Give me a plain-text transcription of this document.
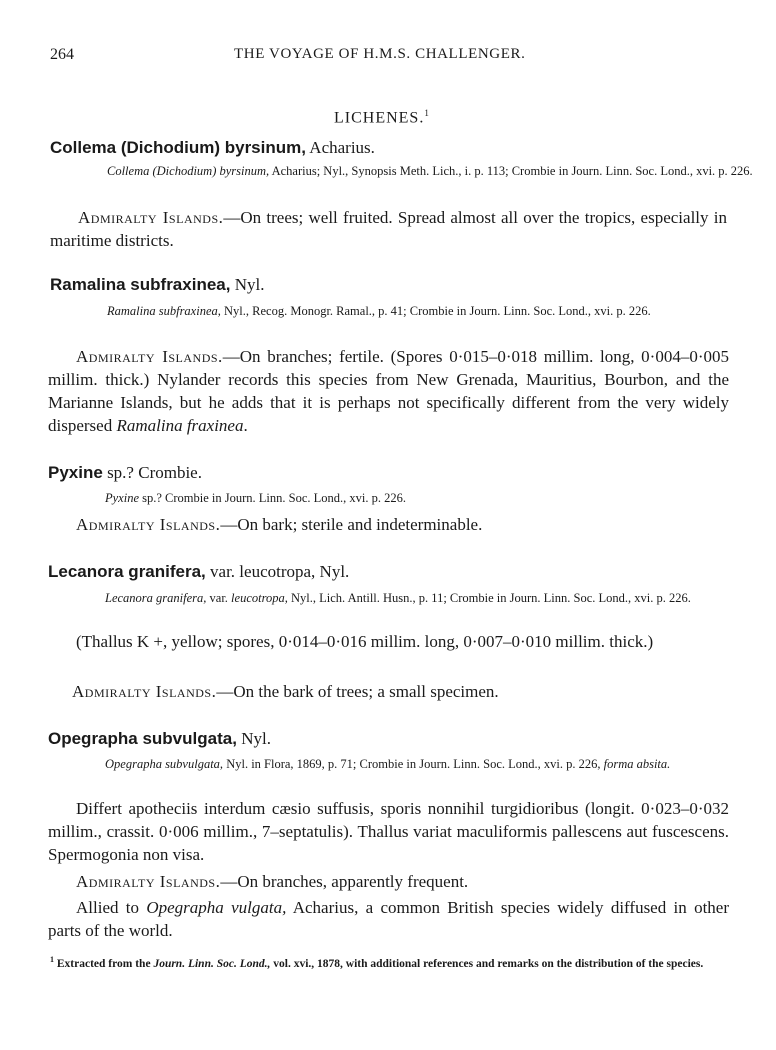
264	THE VOYAGE OF H.M.S. CHALLENGER.
LICHENES.$^1$
Collema (Dichodium) byrsinum, Acharius.
Collema (Dichodium) byrsinum, Acharius; Nyl., Synopsis Meth. Lich., i. p. 113; Crombie in Journ. Linn. Soc. Lond., xvi. p. 226.
Admiralty Islands.—On trees; well fruited. Spread almost all over the tropics, especially in maritime districts.
Ramalina subfraxinea, Nyl.
Ramalina subfraxinea, Nyl., Recog. Monogr. Ramal., p. 41; Crombie in Journ. Linn. Soc. Lond., xvi. p. 226.
Admiralty Islands.—On branches; fertile. (Spores 0·015–0·018 millim. long, 0·004–0·005 millim. thick.) Nylander records this species from New Grenada, Mauritius, Bourbon, and the Marianne Islands, but he adds that it is perhaps not specifically different from the very widely dispersed Ramalina fraxinea.
Pyxine sp.? Crombie.
Pyxine sp.? Crombie in Journ. Linn. Soc. Lond., xvi. p. 226.
Admiralty Islands.—On bark; sterile and indeterminable.
Lecanora granifera, var. leucotropa, Nyl.
Lecanora granifera, var. leucotropa, Nyl., Lich. Antill. Husn., p. 11; Crombie in Journ. Linn. Soc. Lond., xvi. p. 226.
(Thallus K +, yellow; spores, 0·014–0·016 millim. long, 0·007–0·010 millim. thick.)
Admiralty Islands.—On the bark of trees; a small specimen.
Opegrapha subvulgata, Nyl.
Opegrapha subvulgata, Nyl. in Flora, 1869, p. 71; Crombie in Journ. Linn. Soc. Lond., xvi. p. 226, forma absita.
Differt apotheciis interdum cæsio suffusis, sporis nonnihil turgidioribus (longit. 0·023–0·032 millim., crassit. 0·006 millim., 7–septatulis). Thallus variat maculiformis pallescens aut fuscescens. Spermogonia non visa.
Admiralty Islands.—On branches, apparently frequent.
Allied to Opegrapha vulgata, Acharius, a common British species widely diffused in other parts of the world.
$^1$ Extracted from the Journ. Linn. Soc. Lond., vol. xvi., 1878, with additional references and remarks on the distribution of the species.
